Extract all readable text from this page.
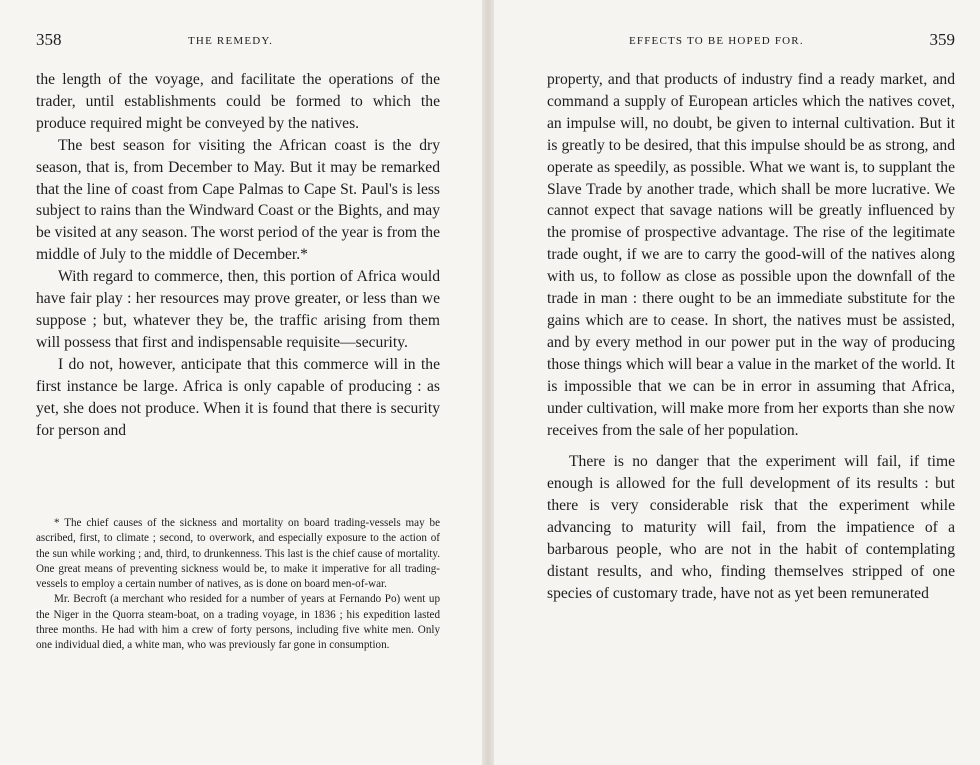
358	THE REMEDY.

the length of the voyage, and facilitate the operations of the trader, until establishments could be formed to which the produce required might be conveyed by the natives.

The best season for visiting the African coast is the dry season, that is, from December to May. But it may be remarked that the line of coast from Cape Palmas to Cape St. Paul's is less subject to rains than the Windward Coast or the Bights, and may be visited at any season. The worst period of the year is from the middle of July to the middle of December.*

With regard to commerce, then, this portion of Africa would have fair play : her resources may prove greater, or less than we suppose ; but, whatever they be, the traffic arising from them will possess that first and indispensable requisite—security.

I do not, however, anticipate that this commerce will in the first instance be large. Africa is only capable of producing : as yet, she does not produce. When it is found that there is security for person and

* The chief causes of the sickness and mortality on board trading-vessels may be ascribed, first, to climate ; second, to overwork, and especially exposure to the action of the sun while working ; and, third, to drunkenness. This last is the chief cause of mortality. One great means of preventing sickness would be, to make it imperative for all trading-vessels to employ a certain number of natives, as is done on board men-of-war.

Mr. Becroft (a merchant who resided for a number of years at Fernando Po) went up the Niger in the Quorra steam-boat, on a trading voyage, in 1836 ; his expedition lasted three months. He had with him a crew of forty persons, including five white men. Only one individual died, a white man, who was previously far gone in consumption.

EFFECTS TO BE HOPED FOR.	359

property, and that products of industry find a ready market, and command a supply of European articles which the natives covet, an impulse will, no doubt, be given to internal cultivation. But it is greatly to be desired, that this impulse should be as strong, and operate as speedily, as possible. What we want is, to supplant the Slave Trade by another trade, which shall be more lucrative. We cannot expect that savage nations will be greatly influenced by the promise of prospective advantage. The rise of the legitimate trade ought, if we are to carry the good-will of the natives along with us, to follow as close as possible upon the downfall of the trade in man : there ought to be an immediate substitute for the gains which are to cease. In short, the natives must be assisted, and by every method in our power put in the way of producing those things which will bear a value in the market of the world. It is impossible that we can be in error in assuming that Africa, under cultivation, will make more from her exports than she now receives from the sale of her population.

There is no danger that the experiment will fail, if time enough is allowed for the full development of its results : but there is very considerable risk that the experiment while advancing to maturity will fail, from the impatience of a barbarous people, who are not in the habit of contemplating distant results, and who, finding themselves stripped of one species of customary trade, have not as yet been remunerated
